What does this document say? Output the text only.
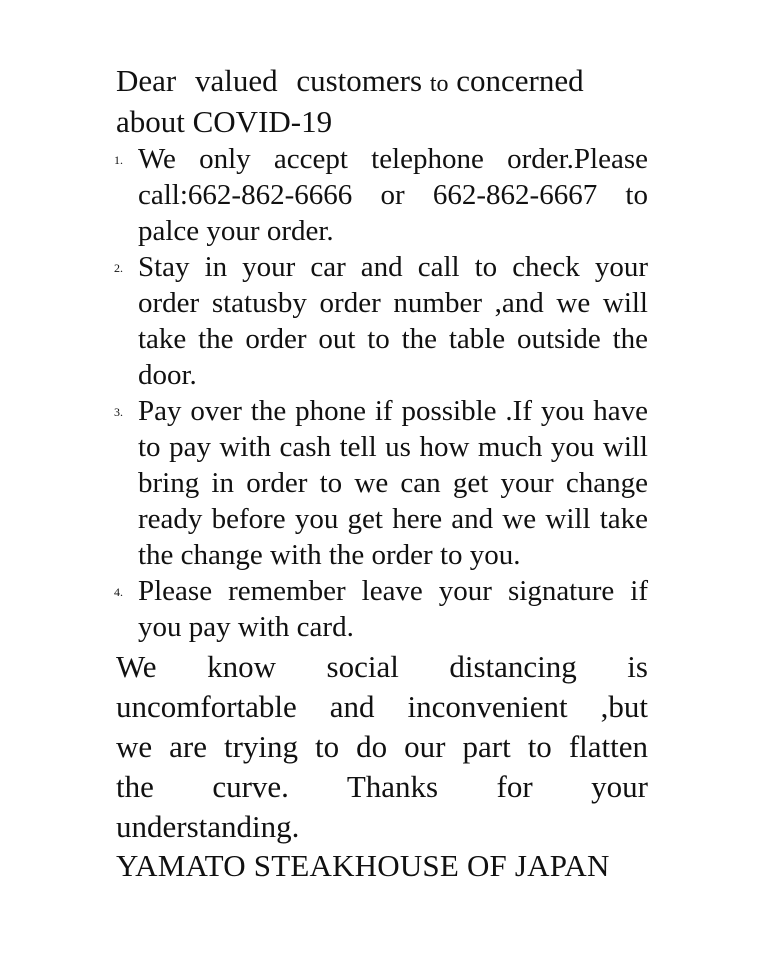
Dear valued customers to concerned
about COVID-19

1. We only accept telephone order.Please call:662-862-6666 or 662-862-6667 to palce your order.
2. Stay in your car and call to check your order statusby order number ,and we will take the order out to the table outside the door.
3. Pay over the phone if possible .If you have to pay with cash tell us how much you will bring in order to we can get your change ready before you get here and we will take the change with the order to you.
4. Please remember leave your signature if you pay with card.

We know social distancing is
uncomfortable and inconvenient ,but
we are trying to do our part to flatten
the curve. Thanks for your
understanding.

YAMATO STEAKHOUSE OF JAPAN
